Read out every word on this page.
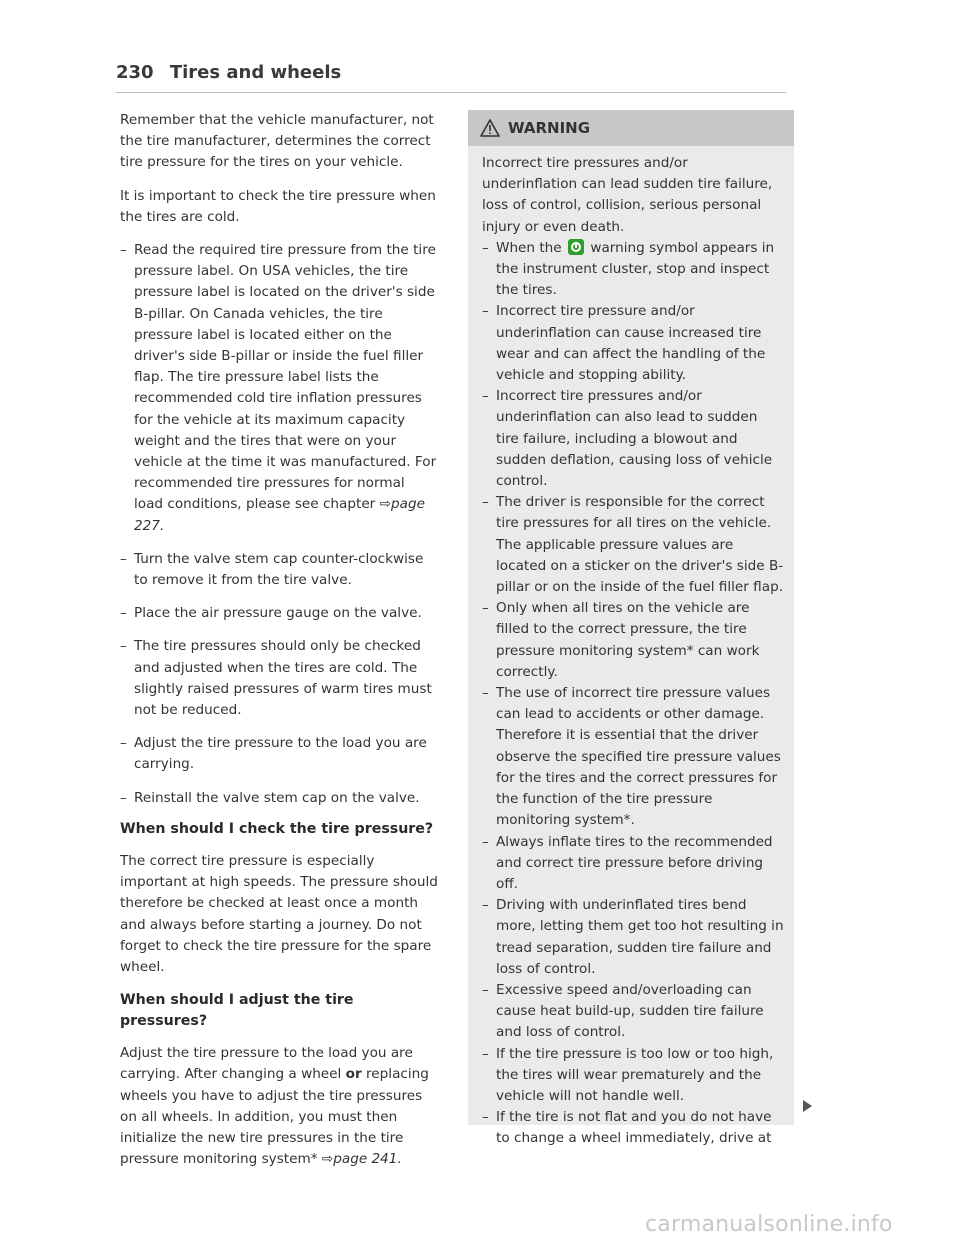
230 Tires and wheels

Remember that the vehicle manufacturer, not the tire manufacturer, determines the correct tire pressure for the tires on your vehicle.

It is important to check the tire pressure when the tires are cold.

– Read the required tire pressure from the tire pressure label. On USA vehicles, the tire pressure label is located on the driver's side B-pillar. On Canada vehicles, the tire pressure label is located either on the driver's side B-pillar or inside the fuel filler flap. The tire pressure label lists the recommended cold tire inflation pressures for the vehicle at its maximum capacity weight and the tires that were on your vehicle at the time it was manufactured. For recommended tire pressures for normal load conditions, please see chapter ⇨page 227.

– Turn the valve stem cap counter-clockwise to remove it from the tire valve.

– Place the air pressure gauge on the valve.

– The tire pressures should only be checked and adjusted when the tires are cold. The slightly raised pressures of warm tires must not be reduced.

– Adjust the tire pressure to the load you are carrying.

– Reinstall the valve stem cap on the valve.

When should I check the tire pressure?

The correct tire pressure is especially important at high speeds. The pressure should therefore be checked at least once a month and always before starting a journey. Do not forget to check the tire pressure for the spare wheel.

When should I adjust the tire pressures?

Adjust the tire pressure to the load you are carrying. After changing a wheel or replacing wheels you have to adjust the tire pressures on all wheels. In addition, you must then initialize the new tire pressures in the tire pressure monitoring system* ⇨page 241.

WARNING

Incorrect tire pressures and/or underinflation can lead sudden tire failure, loss of control, collision, serious personal injury or even death.

– When the warning symbol appears in the instrument cluster, stop and inspect the tires.

– Incorrect tire pressure and/or underinflation can cause increased tire wear and can affect the handling of the vehicle and stopping ability.

– Incorrect tire pressures and/or underinflation can also lead to sudden tire failure, including a blowout and sudden deflation, causing loss of vehicle control.

– The driver is responsible for the correct tire pressures for all tires on the vehicle. The applicable pressure values are located on a sticker on the driver's side B-pillar or on the inside of the fuel filler flap.

– Only when all tires on the vehicle are filled to the correct pressure, the tire pressure monitoring system* can work correctly.

– The use of incorrect tire pressure values can lead to accidents or other damage. Therefore it is essential that the driver observe the specified tire pressure values for the tires and the correct pressures for the function of the tire pressure monitoring system*.

– Always inflate tires to the recommended and correct tire pressure before driving off.

– Driving with underinflated tires bend more, letting them get too hot resulting in tread separation, sudden tire failure and loss of control.

– Excessive speed and/overloading can cause heat build-up, sudden tire failure and loss of control.

– If the tire pressure is too low or too high, the tires will wear prematurely and the vehicle will not handle well.

– If the tire is not flat and you do not have to change a wheel immediately, drive at

carmanualsonline.info
